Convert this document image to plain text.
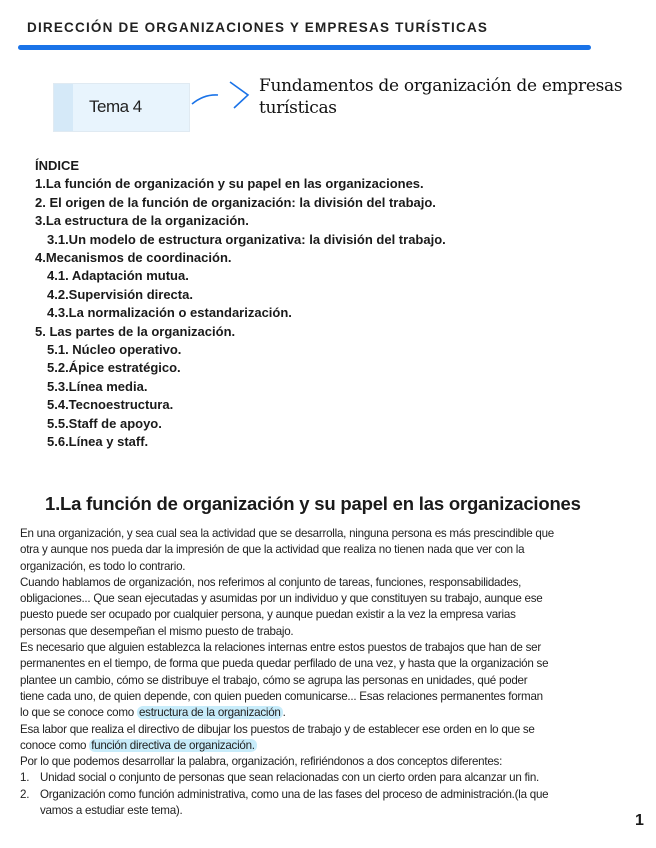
DIRECCIÓN DE ORGANIZACIONES Y EMPRESAS TURÍSTICAS
Tema 4
Fundamentos de organización de empresas
turísticas
ÍNDICE
1.La función de organización y su papel en las organizaciones.
2. El origen de la función de organización: la división del trabajo.
3.La estructura de la organización.
3.1.Un modelo de estructura organizativa: la división del trabajo.
4.Mecanismos de coordinación.
4.1. Adaptación mutua.
4.2.Supervisión directa.
4.3.La normalización o estandarización.
5. Las partes de la organización.
5.1. Núcleo operativo.
5.2.Ápice estratégico.
5.3.Línea media.
5.4.Tecnoestructura.
5.5.Staff de apoyo.
5.6.Línea y staff.
1.La función de organización y su papel en las organizaciones
En una organización, y sea cual sea la actividad que se desarrolla, ninguna persona es más prescindible que
otra y aunque nos pueda dar la impresión de que la actividad que realiza no tienen nada que ver con la
organización, es todo lo contrario.
Cuando hablamos de organización, nos referimos al conjunto de tareas, funciones, responsabilidades,
obligaciones... Que sean ejecutadas y asumidas por un individuo y que constituyen su trabajo, aunque ese
puesto puede ser ocupado por cualquier persona, y aunque puedan existir a la vez la empresa varias
personas que desempeñan el mismo puesto de trabajo.
Es necesario que alguien establezca la relaciones internas entre estos puestos de trabajos que han de ser
permanentes en el tiempo, de forma que pueda quedar perfilado de una vez, y hasta que la organización se
plantee un cambio, cómo se distribuye el trabajo, cómo se agrupa las personas en unidades, qué poder
tiene cada uno, de quien depende, con quien pueden comunicarse... Esas relaciones permanentes forman
lo que se conoce como estructura de la organización .
Esa labor que realiza el directivo de dibujar los puestos de trabajo y de establecer ese orden en lo que se
conoce como función directiva de organización.
Por lo que podemos desarrollar la palabra, organización, refiriéndonos a dos conceptos diferentes:
1. Unidad social o conjunto de personas que sean relacionadas con un cierto orden para alcanzar un fin.
2. Organización como función administrativa, como una de las fases del proceso de administración.(la que
vamos a estudiar este tema).
1
